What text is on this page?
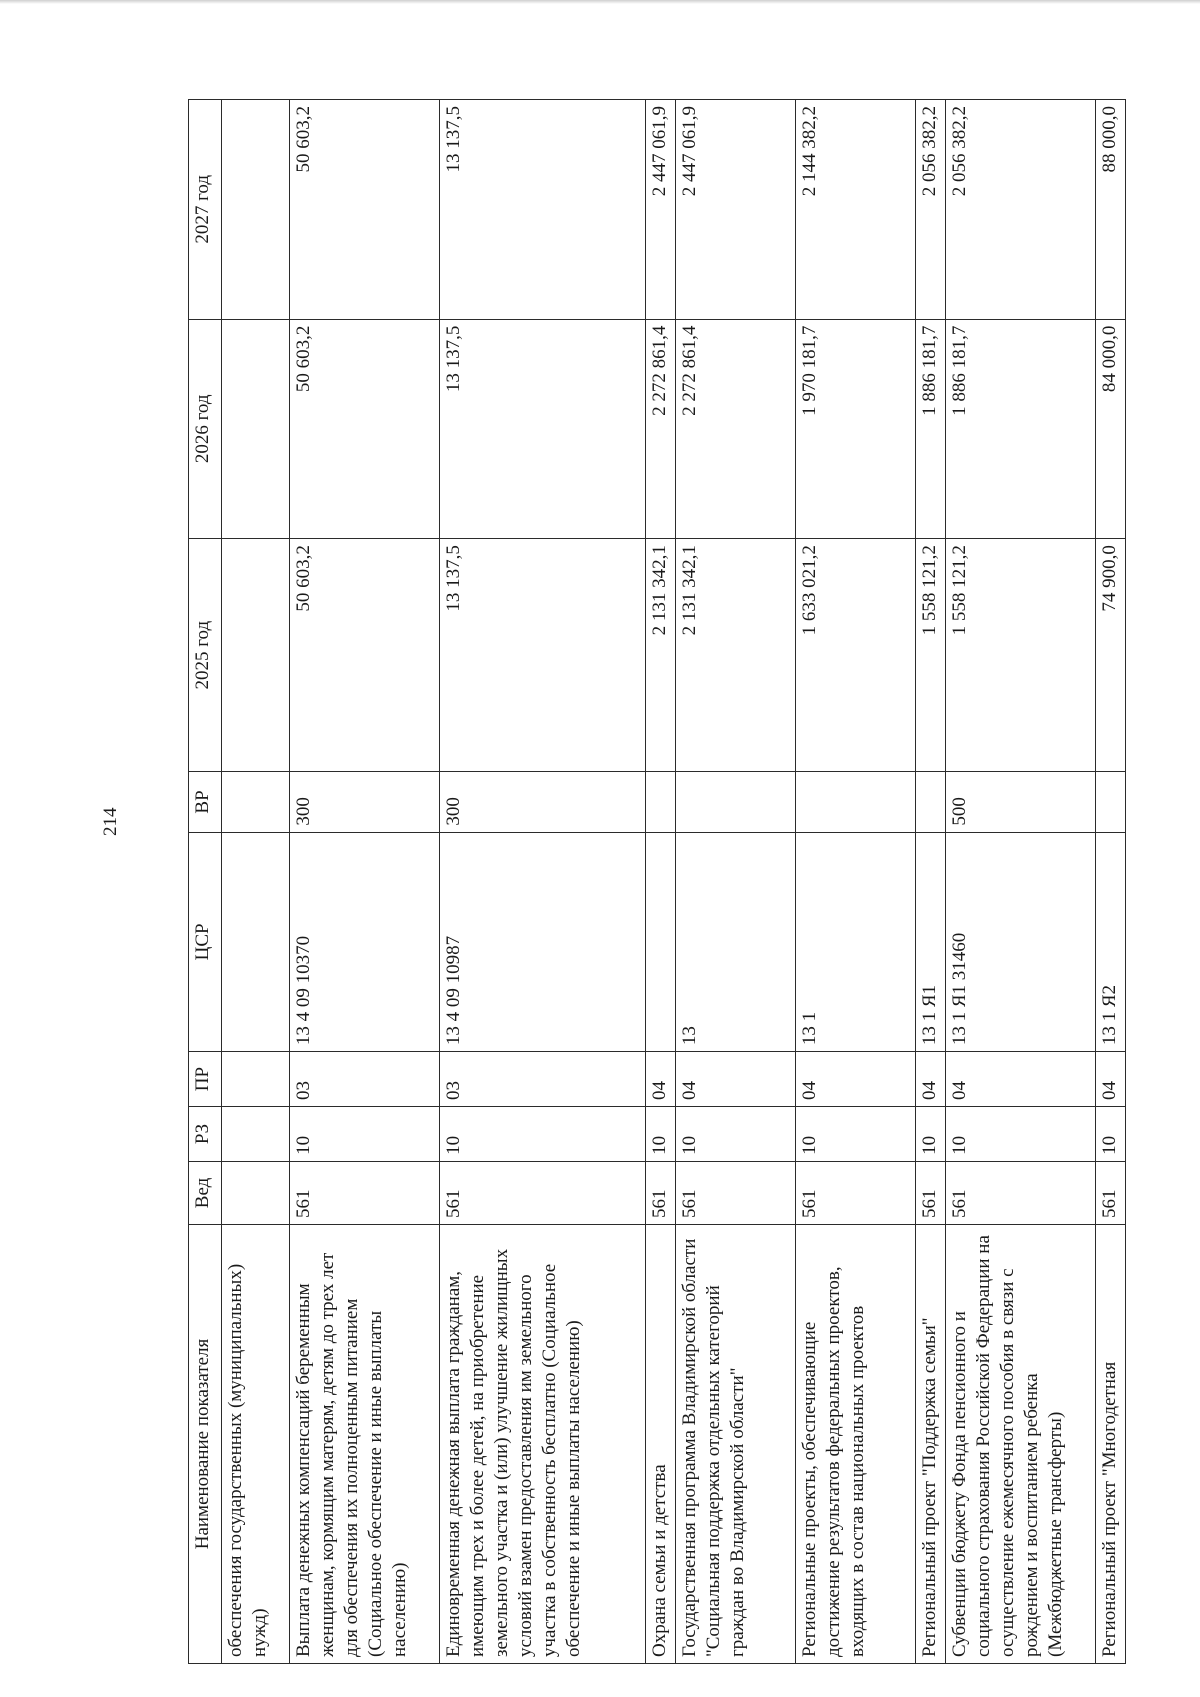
214
Наименование показателя	Вед	РЗ	ПР	ЦСР	ВР	2025 год	2026 год	2027 год
обеспечения государственных (муниципальных) нужд)								
Выплата денежных компенсаций беременным женщинам, кормящим матерям, детям до трех лет для обеспечения их полноценным питанием (Социальное обеспечение и иные выплаты населению)	561	10	03	13 4 09 10370	300	50 603,2	50 603,2	50 603,2
Единовременная денежная выплата гражданам, имеющим трех и более детей, на приобретение земельного участка и (или) улучшение жилищных условий взамен предоставления им земельного участка в собственность бесплатно (Социальное обеспечение и иные выплаты населению)	561	10	03	13 4 09 10987	300	13 137,5	13 137,5	13 137,5
Охрана семьи и детства	561	10	04			2 131 342,1	2 272 861,4	2 447 061,9
Государственная программа Владимирской области "Социальная поддержка отдельных категорий граждан во Владимирской области"	561	10	04	13		2 131 342,1	2 272 861,4	2 447 061,9
Региональные проекты, обеспечивающие достижение результатов федеральных проектов, входящих в состав национальных проектов	561	10	04	13 1		1 633 021,2	1 970 181,7	2 144 382,2
Региональный проект "Поддержка семьи"	561	10	04	13 1 Я1		1 558 121,2	1 886 181,7	2 056 382,2
Субвенции бюджету Фонда пенсионного и социального страхования Российской Федерации на осуществление ежемесячного пособия в связи с рождением и воспитанием ребенка (Межбюджетные трансферты)	561	10	04	13 1 Я1 31460	500	1 558 121,2	1 886 181,7	2 056 382,2
Региональный проект "Многодетная	561	10	04	13 1 Я2		74 900,0	84 000,0	88 000,0
